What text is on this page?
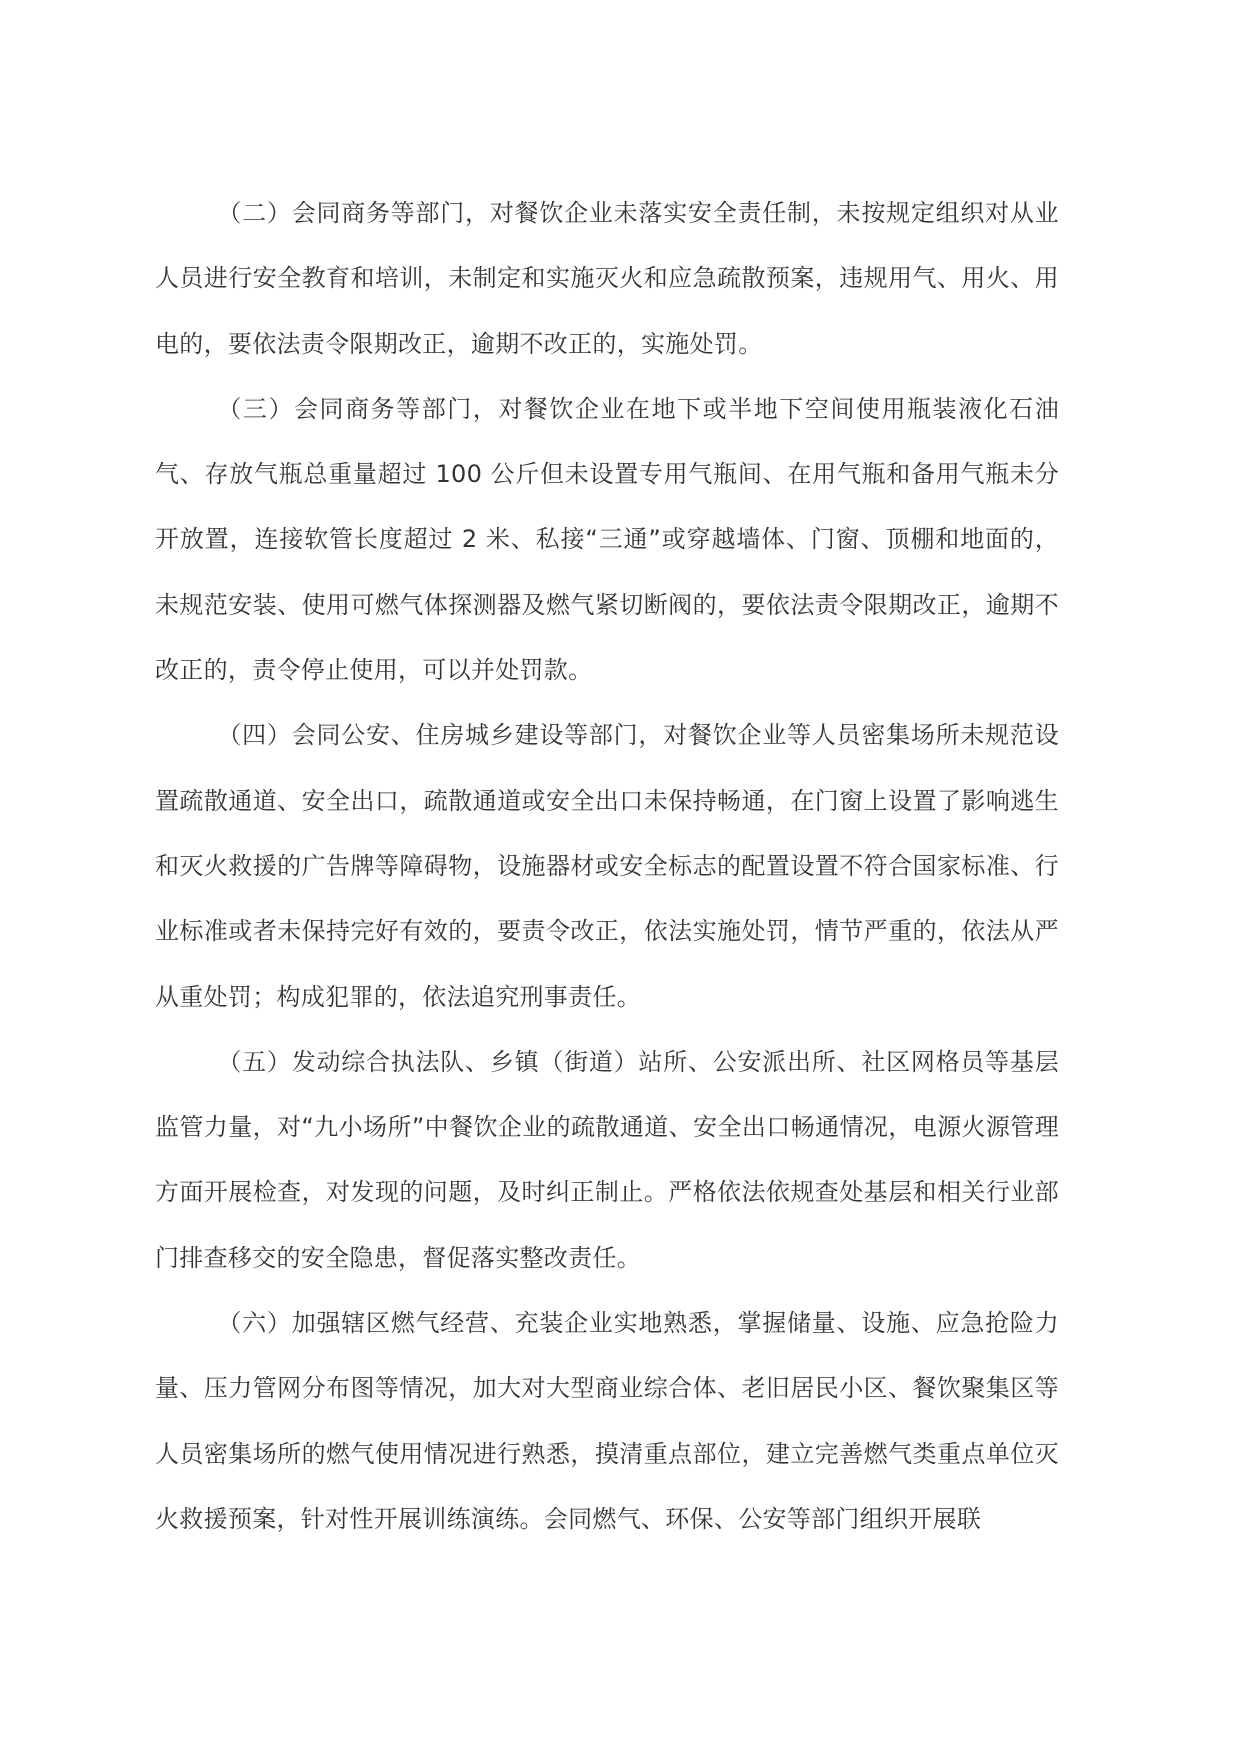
（二）会同商务等部门，对餐饮企业未落实安全责任制，未按规定组织对从业人员进行安全教育和培训，未制定和实施灭火和应急疏散预案，违规用气、用火、用电的，要依法责令限期改正，逾期不改正的，实施处罚。

（三）会同商务等部门，对餐饮企业在地下或半地下空间使用瓶装液化石油气、存放气瓶总重量超过 100 公斤但未设置专用气瓶间、在用气瓶和备用气瓶未分开放置，连接软管长度超过 2 米、私接“三通”或穿越墙体、门窗、顶棚和地面的，未规范安装、使用可燃气体探测器及燃气紧切断阀的，要依法责令限期改正，逾期不改正的，责令停止使用，可以并处罚款。

（四）会同公安、住房城乡建设等部门，对餐饮企业等人员密集场所未规范设置疏散通道、安全出口，疏散通道或安全出口未保持畅通，在门窗上设置了影响逃生和灭火救援的广告牌等障碍物，设施器材或安全标志的配置设置不符合国家标准、行业标准或者未保持完好有效的，要责令改正，依法实施处罚，情节严重的，依法从严从重处罚；构成犯罪的，依法追究刑事责任。

（五）发动综合执法队、乡镇（街道）站所、公安派出所、社区网格员等基层监管力量，对“九小场所”中餐饮企业的疏散通道、安全出口畅通情况，电源火源管理方面开展检查，对发现的问题，及时纠正制止。严格依法依规查处基层和相关行业部门排查移交的安全隐患，督促落实整改责任。

（六）加强辖区燃气经营、充装企业实地熟悉，掌握储量、设施、应急抢险力量、压力管网分布图等情况，加大对大型商业综合体、老旧居民小区、餐饮聚集区等人员密集场所的燃气使用情况进行熟悉，摸清重点部位，建立完善燃气类重点单位灭火救援预案，针对性开展训练演练。会同燃气、环保、公安等部门组织开展联
